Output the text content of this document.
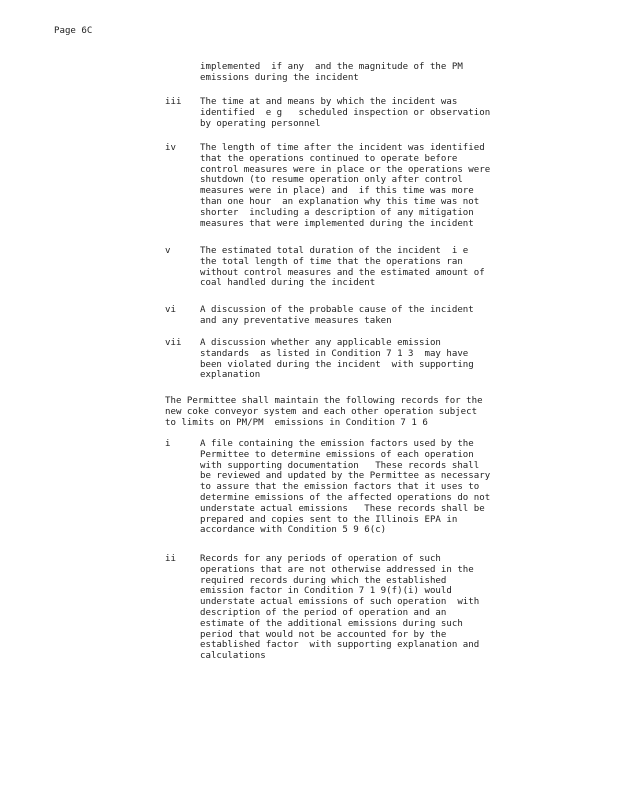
Page 6C
implemented  if any  and the magnitude of the PM
emissions during the incident
iii The time at and means by which the incident was
identified  e g   scheduled inspection or observation
by operating personnel
iv	The length of time after the incident was identified
that the operations continued to operate before
control measures were in place or the operations were
shutdown (to resume operation only after control
measures were in place) and  if this time was more
than one hour  an explanation why this time was not
shorter  including a description of any mitigation
measures that were implemented during the incident
v	The estimated total duration of the incident  i e
the total length of time that the operations ran
without control measures and the estimated amount of
coal handled during the incident
vi	A discussion of the probable cause of the incident
and any preventative measures taken
vii A discussion whether any applicable emission
standards  as listed in Condition 7 1 3  may have
been violated during the incident  with supporting
explanation
The Permittee shall maintain the following records for the
new coke conveyor system and each other operation subject
to limits on PM/PM  emissions in Condition 7 1 6
i	A file containing the emission factors used by the
Permittee to determine emissions of each operation
with supporting documentation   These records shall
be reviewed and updated by the Permittee as necessary
to assure that the emission factors that it uses to
determine emissions of the affected operations do not
understate actual emissions   These records shall be
prepared and copies sent to the Illinois EPA in
accordance with Condition 5 9 6(c)
ii	Records for any periods of operation of such
operations that are not otherwise addressed in the
required records during which the established
emission factor in Condition 7 1 9(f)(i) would
understate actual emissions of such operation  with
description of the period of operation and an
estimate of the additional emissions during such
period that would not be accounted for by the
established factor  with supporting explanation and
calculations
